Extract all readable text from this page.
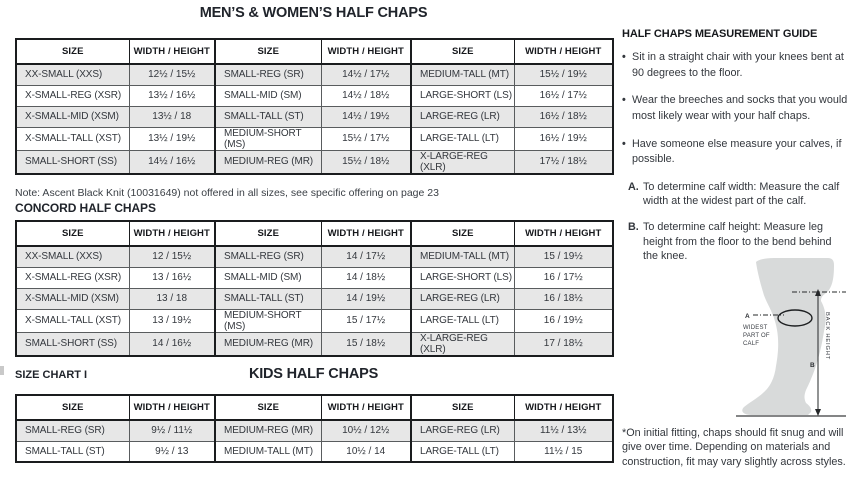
MEN’S & WOMEN’S HALF CHAPS
SIZE	WIDTH / HEIGHT	SIZE	WIDTH / HEIGHT	SIZE	WIDTH / HEIGHT
XX-SMALL (XXS)	12½ / 15½	SMALL-REG (SR)	14½ / 17½	MEDIUM-TALL (MT)	15½ / 19½
X-SMALL-REG (XSR)	13½ / 16½	SMALL-MID (SM)	14½ / 18½	LARGE-SHORT (LS)	16½ / 17½
X-SMALL-MID (XSM)	13½ / 18	SMALL-TALL (ST)	14½ / 19½	LARGE-REG (LR)	16½ / 18½
X-SMALL-TALL (XST)	13½ / 19½	MEDIUM-SHORT (MS)	15½ / 17½	LARGE-TALL (LT)	16½ / 19½
SMALL-SHORT (SS)	14½ / 16½	MEDIUM-REG (MR)	15½ / 18½	X-LARGE-REG (XLR)	17½ / 18½

Note: Ascent Black Knit (10031649) not offered in all sizes, see specific offering on page 23

CONCORD HALF CHAPS
SIZE	WIDTH / HEIGHT	SIZE	WIDTH / HEIGHT	SIZE	WIDTH / HEIGHT
XX-SMALL (XXS)	12 / 15½	SMALL-REG (SR)	14 / 17½	MEDIUM-TALL (MT)	15 / 19½
X-SMALL-REG (XSR)	13 / 16½	SMALL-MID (SM)	14 / 18½	LARGE-SHORT (LS)	16 / 17½
X-SMALL-MID (XSM)	13 / 18	SMALL-TALL (ST)	14 / 19½	LARGE-REG (LR)	16 / 18½
X-SMALL-TALL (XST)	13 / 19½	MEDIUM-SHORT (MS)	15 / 17½	LARGE-TALL (LT)	16 / 19½
SMALL-SHORT (SS)	14 / 16½	MEDIUM-REG (MR)	15 / 18½	X-LARGE-REG (XLR)	17 / 18½
SIZE CHART I	KIDS HALF CHAPS
SIZE	WIDTH / HEIGHT	SIZE	WIDTH / HEIGHT	SIZE	WIDTH / HEIGHT
SMALL-REG (SR)	9½ / 11½	MEDIUM-REG (MR)	10½ / 12½	LARGE-REG (LR)	11½ / 13½
SMALL-TALL (ST)	9½ / 13	MEDIUM-TALL (MT)	10½ / 14	LARGE-TALL (LT)	11½ / 15
HALF CHAPS MEASUREMENT GUIDE
• Sit in a straight chair with your knees bent at 90 degrees to the floor.
• Wear the breeches and socks that you would most likely wear with your half chaps.
• Have someone else measure your calves, if possible.
A. To determine calf width: Measure the calf width at the widest part of the calf.
B. To determine calf height: Measure leg height from the floor to the bend behind the knee.
A
WIDEST
PART OF
CALF
B
BACK HEIGHT

*On initial fitting, chaps should fit snug and will give over time. Depending on materials and construction, fit may vary slightly across styles.
